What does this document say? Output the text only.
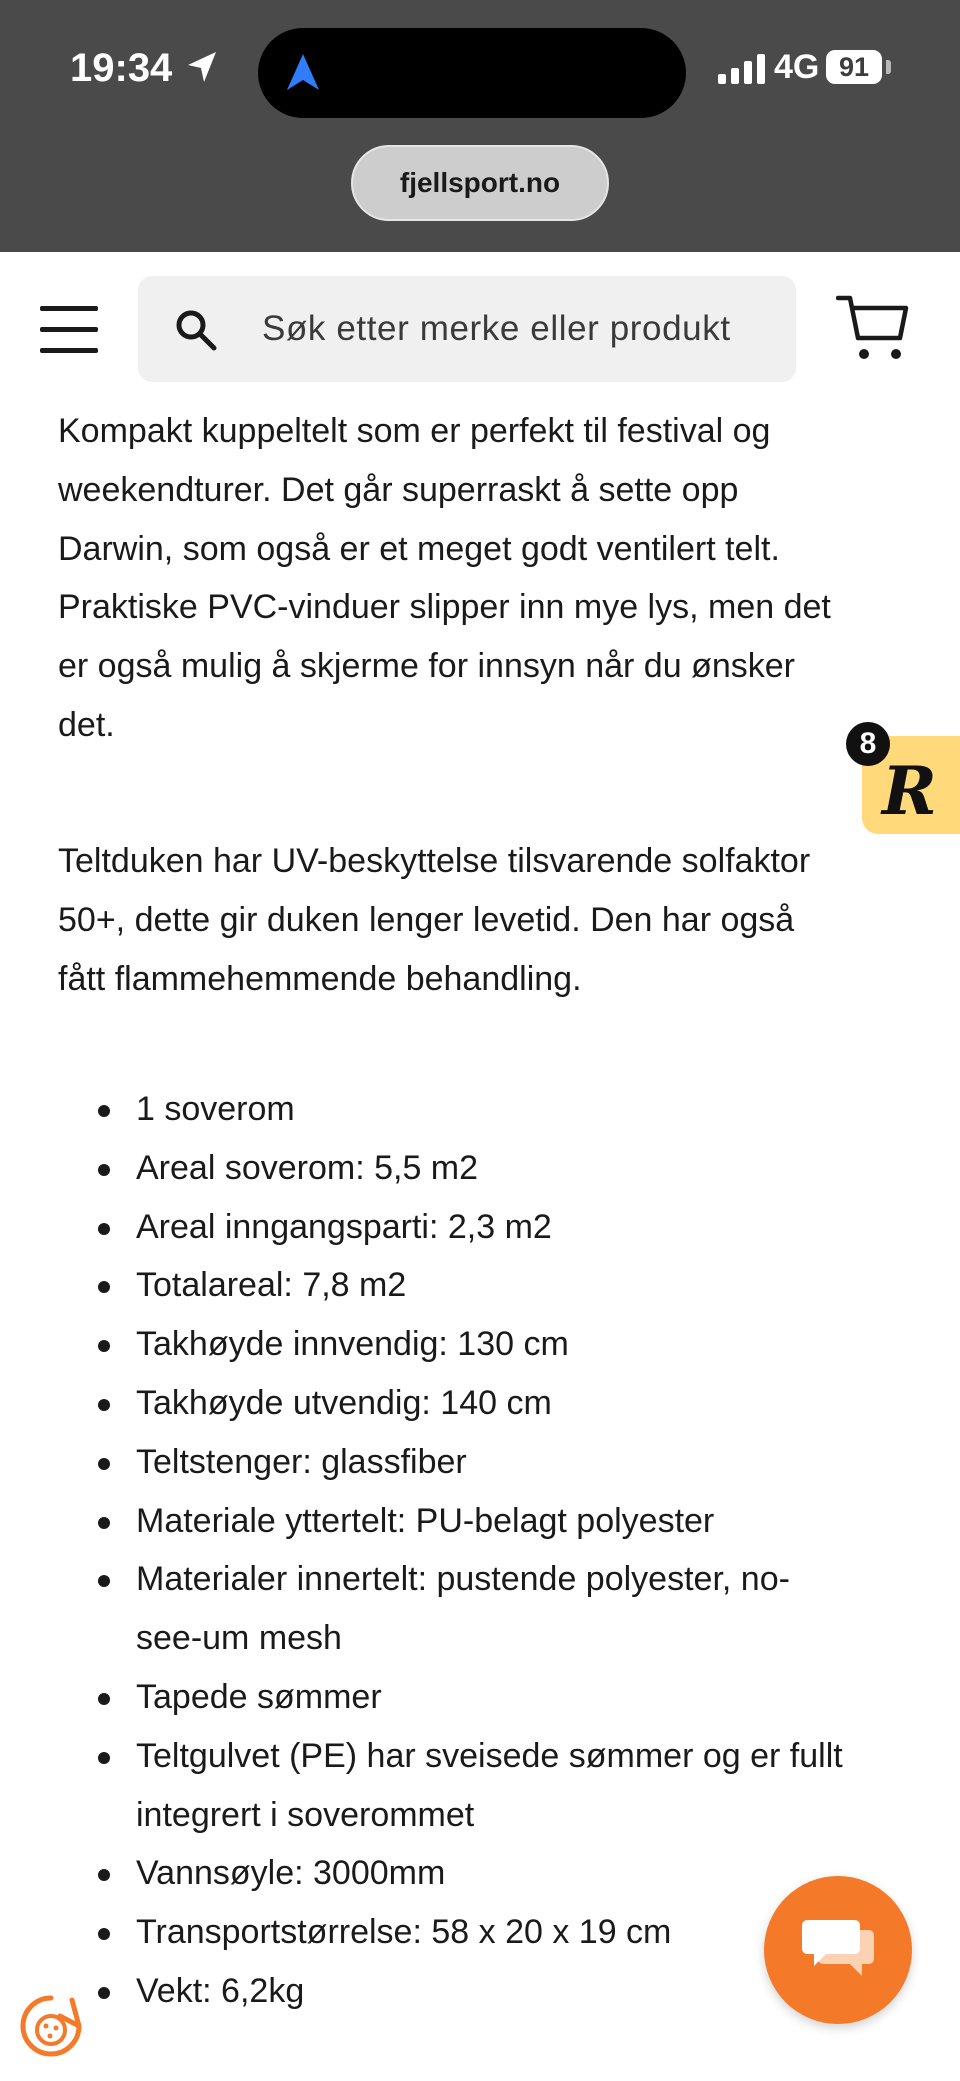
19:34	4G 91
fjellsport.no
Søk etter merke eller produkt

Kompakt kuppeltelt som er perfekt til festival og
weekendturer. Det går superraskt å sette opp
Darwin, som også er et meget godt ventilert telt.
Praktiske PVC-vinduer slipper inn mye lys, men det
er også mulig å skjerme for innsyn når du ønsker
det.

Teltduken har UV-beskyttelse tilsvarende solfaktor
50+, dette gir duken lenger levetid. Den har også
fått flammehemmende behandling.

1 soverom
Areal soverom: 5,5 m2
Areal inngangsparti: 2,3 m2
Totalareal: 7,8 m2
Takhøyde innvendig: 130 cm
Takhøyde utvendig: 140 cm
Teltstenger: glassfiber
Materiale yttertelt: PU-belagt polyester
Materialer innertelt: pustende polyester, no-
see-um mesh
Tapede sømmer
Teltgulvet (PE) har sveisede sømmer og er fullt
integrert i soverommet
Vannsøyle: 3000mm
Transportstørrelse: 58 x 20 x 19 cm
Vekt: 6,2kg
R
8
